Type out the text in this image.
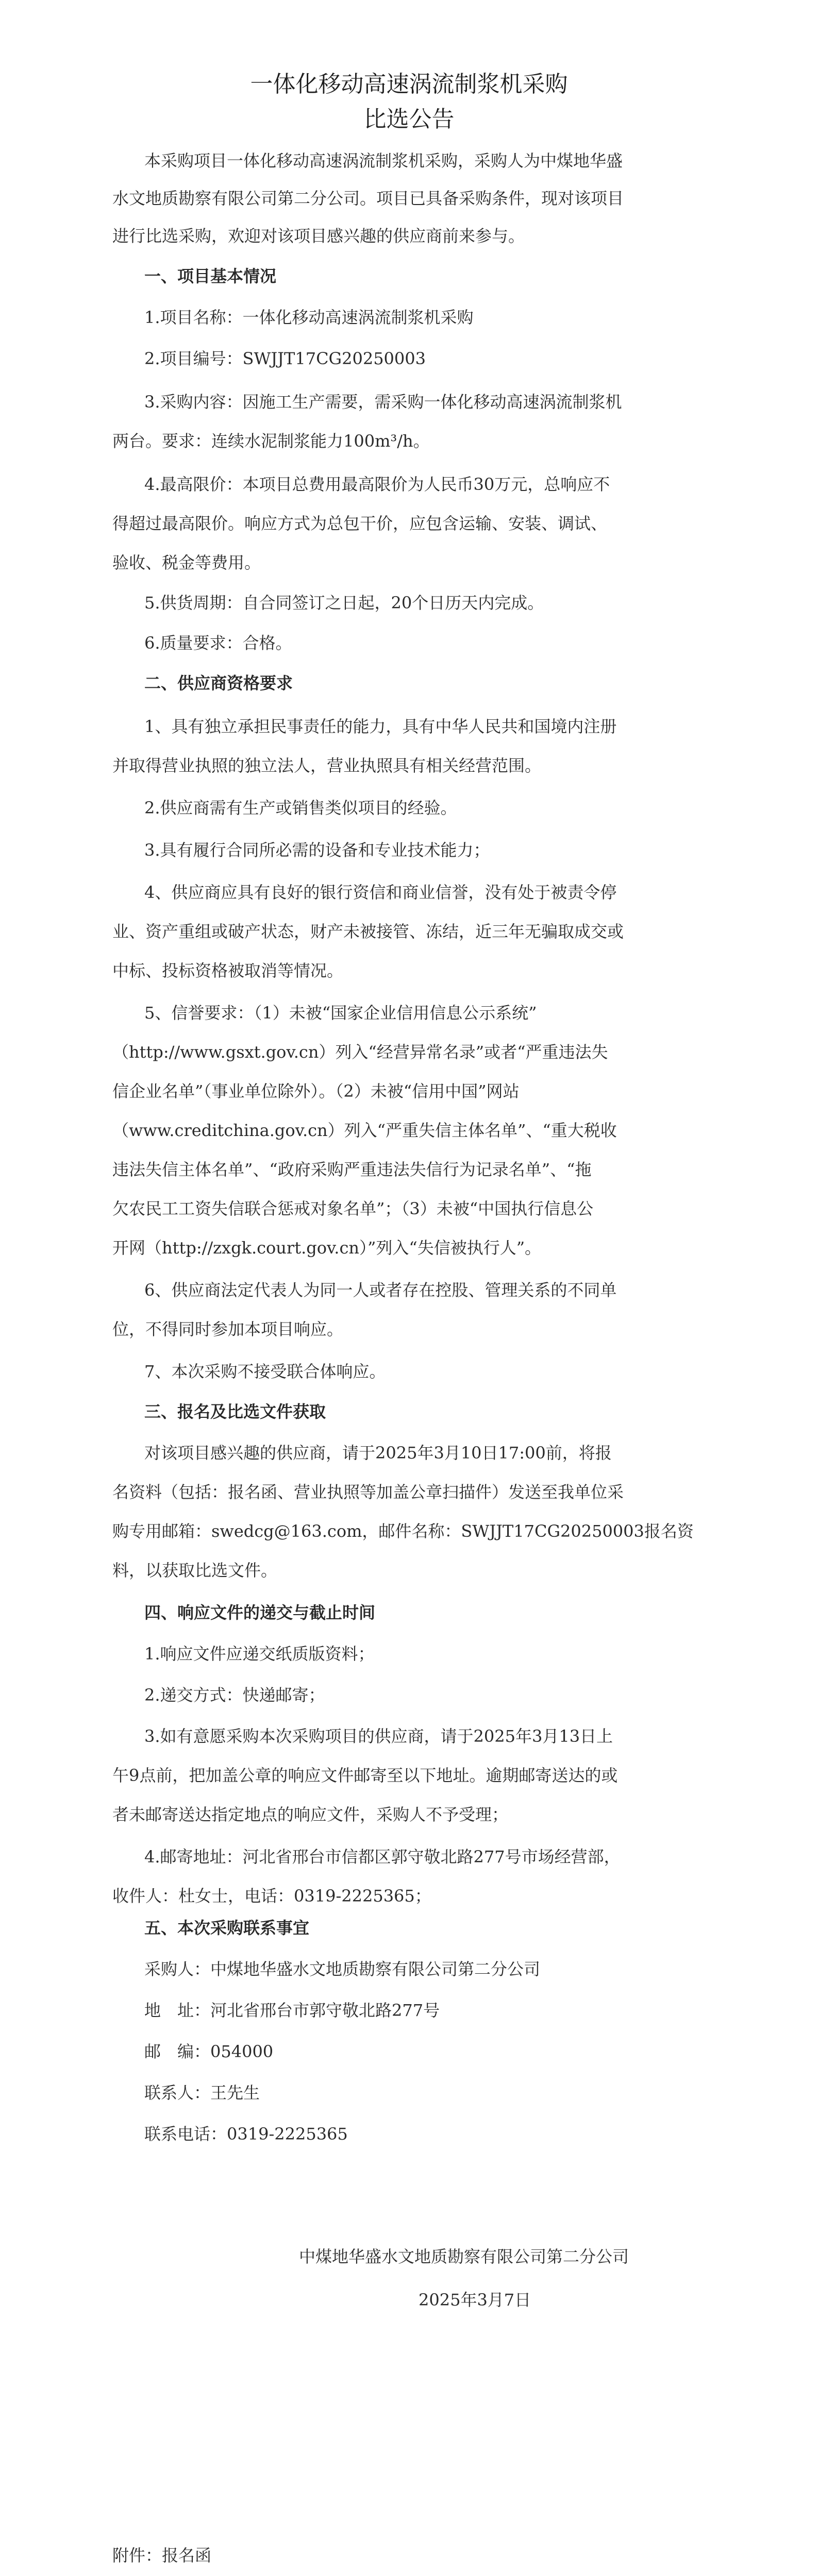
一体化移动高速涡流制浆机采购
比选公告
本采购项目一体化移动高速涡流制浆机采购，采购人为中煤地华盛
水文地质勘察有限公司第二分公司。项目已具备采购条件，现对该项目
进行比选采购，欢迎对该项目感兴趣的供应商前来参与。
一、项目基本情况
1.项目名称：一体化移动高速涡流制浆机采购
2.项目编号：SWJJT17CG20250003
3.采购内容：因施工生产需要，需采购一体化移动高速涡流制浆机
两台。要求：连续水泥制浆能力100m³/h。
4.最高限价：本项目总费用最高限价为人民币30万元，总响应不
得超过最高限价。响应方式为总包干价，应包含运输、安装、调试、
验收、税金等费用。
5.供货周期：自合同签订之日起，20个日历天内完成。
6.质量要求：合格。
二、供应商资格要求
1、具有独立承担民事责任的能力，具有中华人民共和国境内注册
并取得营业执照的独立法人，营业执照具有相关经营范围。
2.供应商需有生产或销售类似项目的经验。
3.具有履行合同所必需的设备和专业技术能力；
4、供应商应具有良好的银行资信和商业信誉，没有处于被责令停
业、资产重组或破产状态，财产未被接管、冻结，近三年无骗取成交或
中标、投标资格被取消等情况。
5、信誉要求：（1）未被“国家企业信用信息公示系统”
（http://www.gsxt.gov.cn）列入“经营异常名录”或者“严重违法失
信企业名单”（事业单位除外）。（2）未被“信用中国”网站
（www.creditchina.gov.cn）列入“严重失信主体名单”、“重大税收
违法失信主体名单”、“政府采购严重违法失信行为记录名单”、“拖
欠农民工工资失信联合惩戒对象名单”；（3）未被“中国执行信息公
开网（http://zxgk.court.gov.cn）”列入“失信被执行人”。
6、供应商法定代表人为同一人或者存在控股、管理关系的不同单
位，不得同时参加本项目响应。
7、本次采购不接受联合体响应。
三、报名及比选文件获取
对该项目感兴趣的供应商，请于2025年3月10日17:00前，将报
名资料（包括：报名函、营业执照等加盖公章扫描件）发送至我单位采
购专用邮箱：swedcg@163.com，邮件名称：SWJJT17CG20250003报名资
料，以获取比选文件。
四、响应文件的递交与截止时间
1.响应文件应递交纸质版资料；
2.递交方式：快递邮寄；
3.如有意愿采购本次采购项目的供应商，请于2025年3月13日上
午9点前，把加盖公章的响应文件邮寄至以下地址。逾期邮寄送达的或
者未邮寄送达指定地点的响应文件，采购人不予受理；
4.邮寄地址：河北省邢台市信都区郭守敬北路277号市场经营部，
收件人：杜女士，电话：0319-2225365；
五、本次采购联系事宜
采购人：中煤地华盛水文地质勘察有限公司第二分公司
地　址：河北省邢台市郭守敬北路277号
邮　编：054000
联系人：王先生
联系电话：0319-2225365
中煤地华盛水文地质勘察有限公司第二分公司
2025年3月7日
附件：报名函
